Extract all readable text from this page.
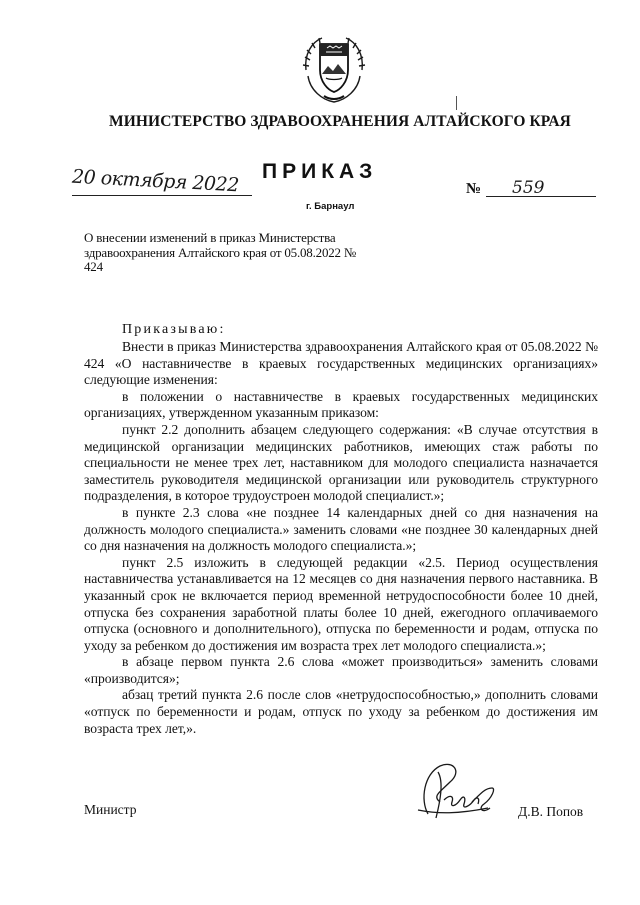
МИНИСТЕРСТВО ЗДРАВООХРАНЕНИЯ АЛТАЙСКОГО КРАЯ
ПРИКАЗ
20 октября 2022	№ 559
г. Барнаул
О внесении изменений в приказ Министерства здравоохранения Алтайского края от 05.08.2022 № 424
Приказываю:

Внести в приказ Министерства здравоохранения Алтайского края от 05.08.2022 № 424 «О наставничестве в краевых государственных медицинских организациях» следующие изменения:

в положении о наставничестве в краевых государственных медицинских организациях, утвержденном указанным приказом:

пункт 2.2 дополнить абзацем следующего содержания: «В случае отсутствия в медицинской организации медицинских работников, имеющих стаж работы по специальности не менее трех лет, наставником для молодого специалиста назначается заместитель руководителя медицинской организации или руководитель структурного подразделения, в которое трудоустроен молодой специалист.»;

в пункте 2.3 слова «не позднее 14 календарных дней со дня назначения на должность молодого специалиста.» заменить словами «не позднее 30 календарных дней со дня назначения на должность молодого специалиста.»;

пункт 2.5 изложить в следующей редакции «2.5. Период осуществления наставничества устанавливается на 12 месяцев со дня назначения первого наставника. В указанный срок не включается период временной нетрудоспособности более 10 дней, отпуска без сохранения заработной платы более 10 дней, ежегодного оплачиваемого отпуска (основного и дополнительного), отпуска по беременности и родам, отпуска по уходу за ребенком до достижения им возраста трех лет молодого специалиста.»;

в абзаце первом пункта 2.6 слова «может производиться» заменить словами «производится»;

абзац третий пункта 2.6 после слов «нетрудоспособностью,» дополнить словами «отпуск по беременности и родам, отпуск по уходу за ребенком до достижения им возраста трех лет,».

Министр	Д.В. Попов
